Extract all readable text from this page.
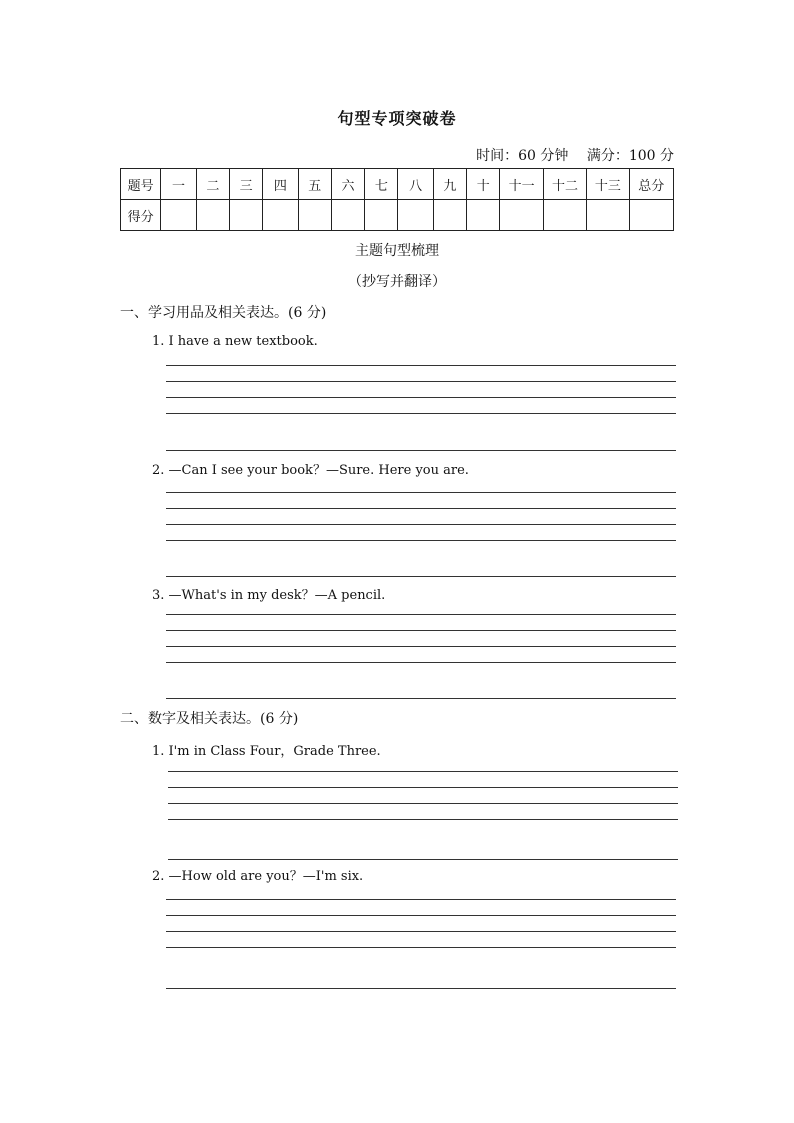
句型专项突破卷
时间：60 分钟 满分：100 分
题号	一	二	三	四	五	六	七	八	九	十	十一	十二	十三	总分
得分														
主题句型梳理
（抄写并翻译）
一、学习用品及相关表达。(6 分)
1. I have a new textbook.
2. —Can I see your book？—Sure. Here you are.
3. —What's in my desk？—A pencil.
二、数字及相关表达。(6 分)
1. I'm in Class Four，Grade Three.
2. —How old are you？—I'm six.
